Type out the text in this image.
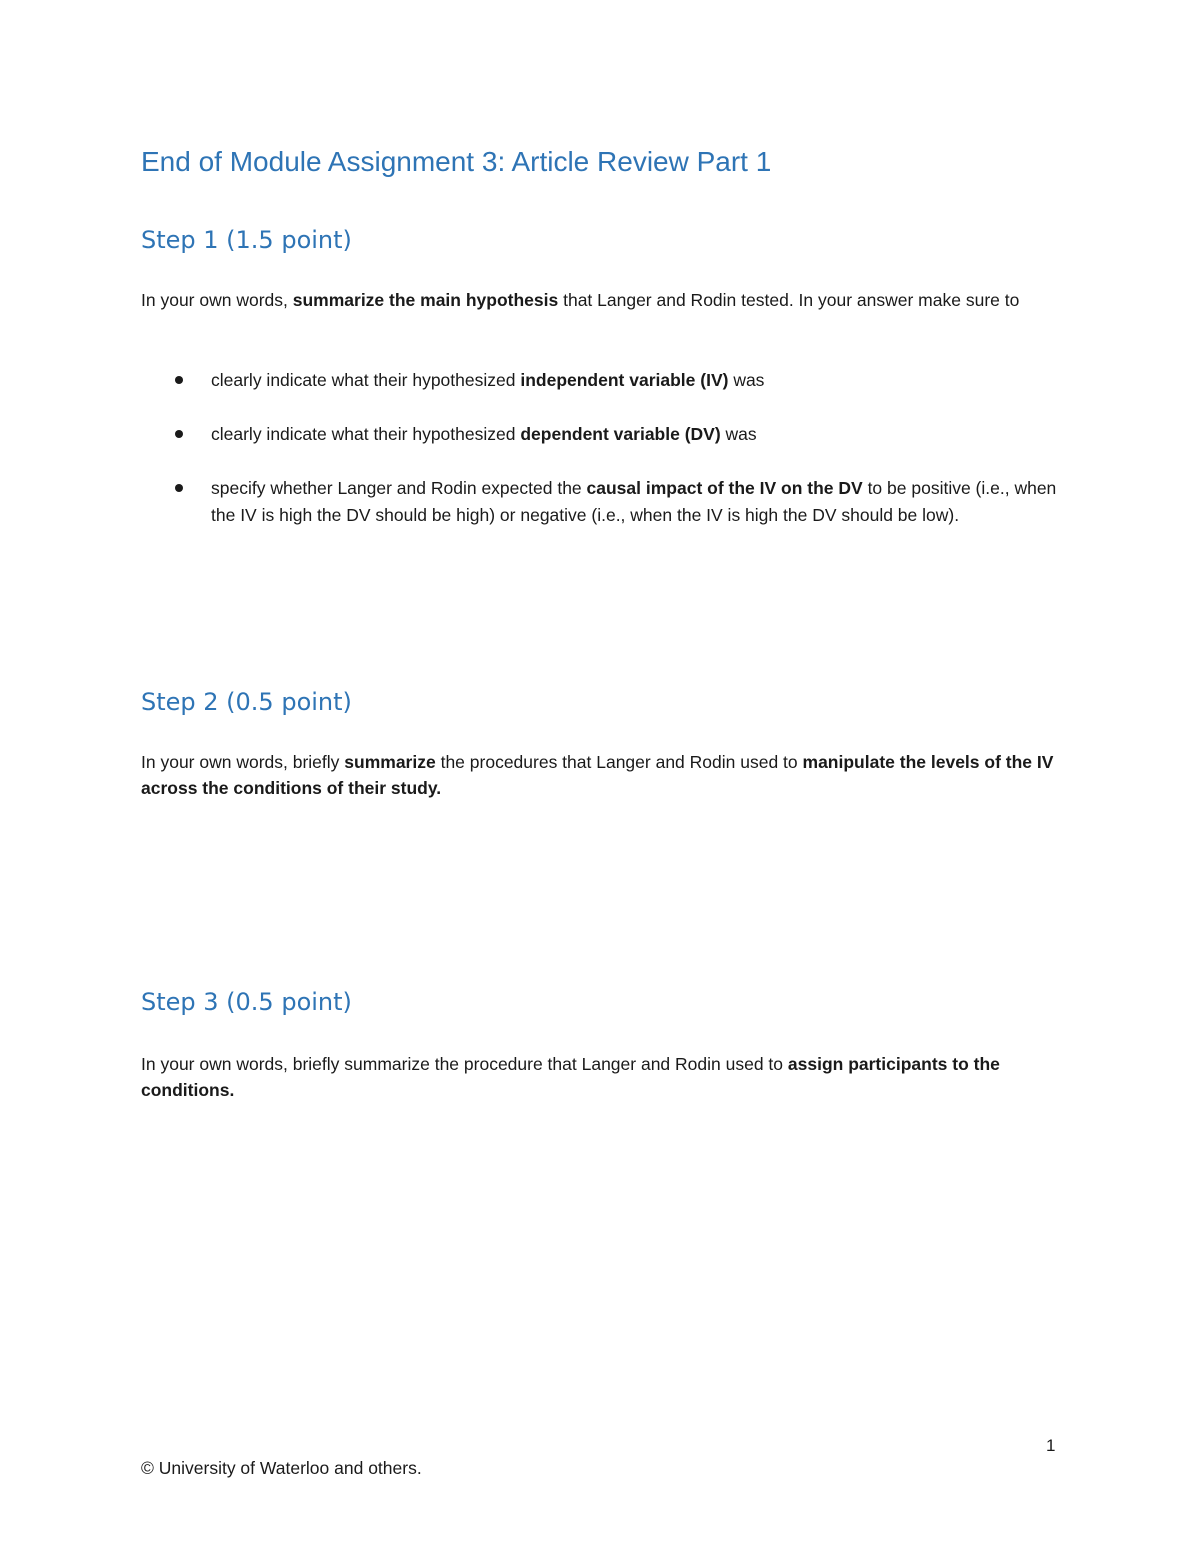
End of Module Assignment 3: Article Review Part 1
Step 1 (1.5 point)

In your own words, summarize the main hypothesis that Langer and Rodin tested. In your answer make sure to

clearly indicate what their hypothesized independent variable (IV) was
clearly indicate what their hypothesized dependent variable (DV) was
specify whether Langer and Rodin expected the causal impact of the IV on the DV to be positive (i.e., when the IV is high the DV should be high) or negative (i.e., when the IV is high the DV should be low).
Step 2 (0.5 point)

In your own words, briefly summarize the procedures that Langer and Rodin used to manipulate the levels of the IV across the conditions of their study.

Step 3 (0.5 point)

In your own words, briefly summarize the procedure that Langer and Rodin used to assign participants to the conditions.

1
© University of Waterloo and others.
